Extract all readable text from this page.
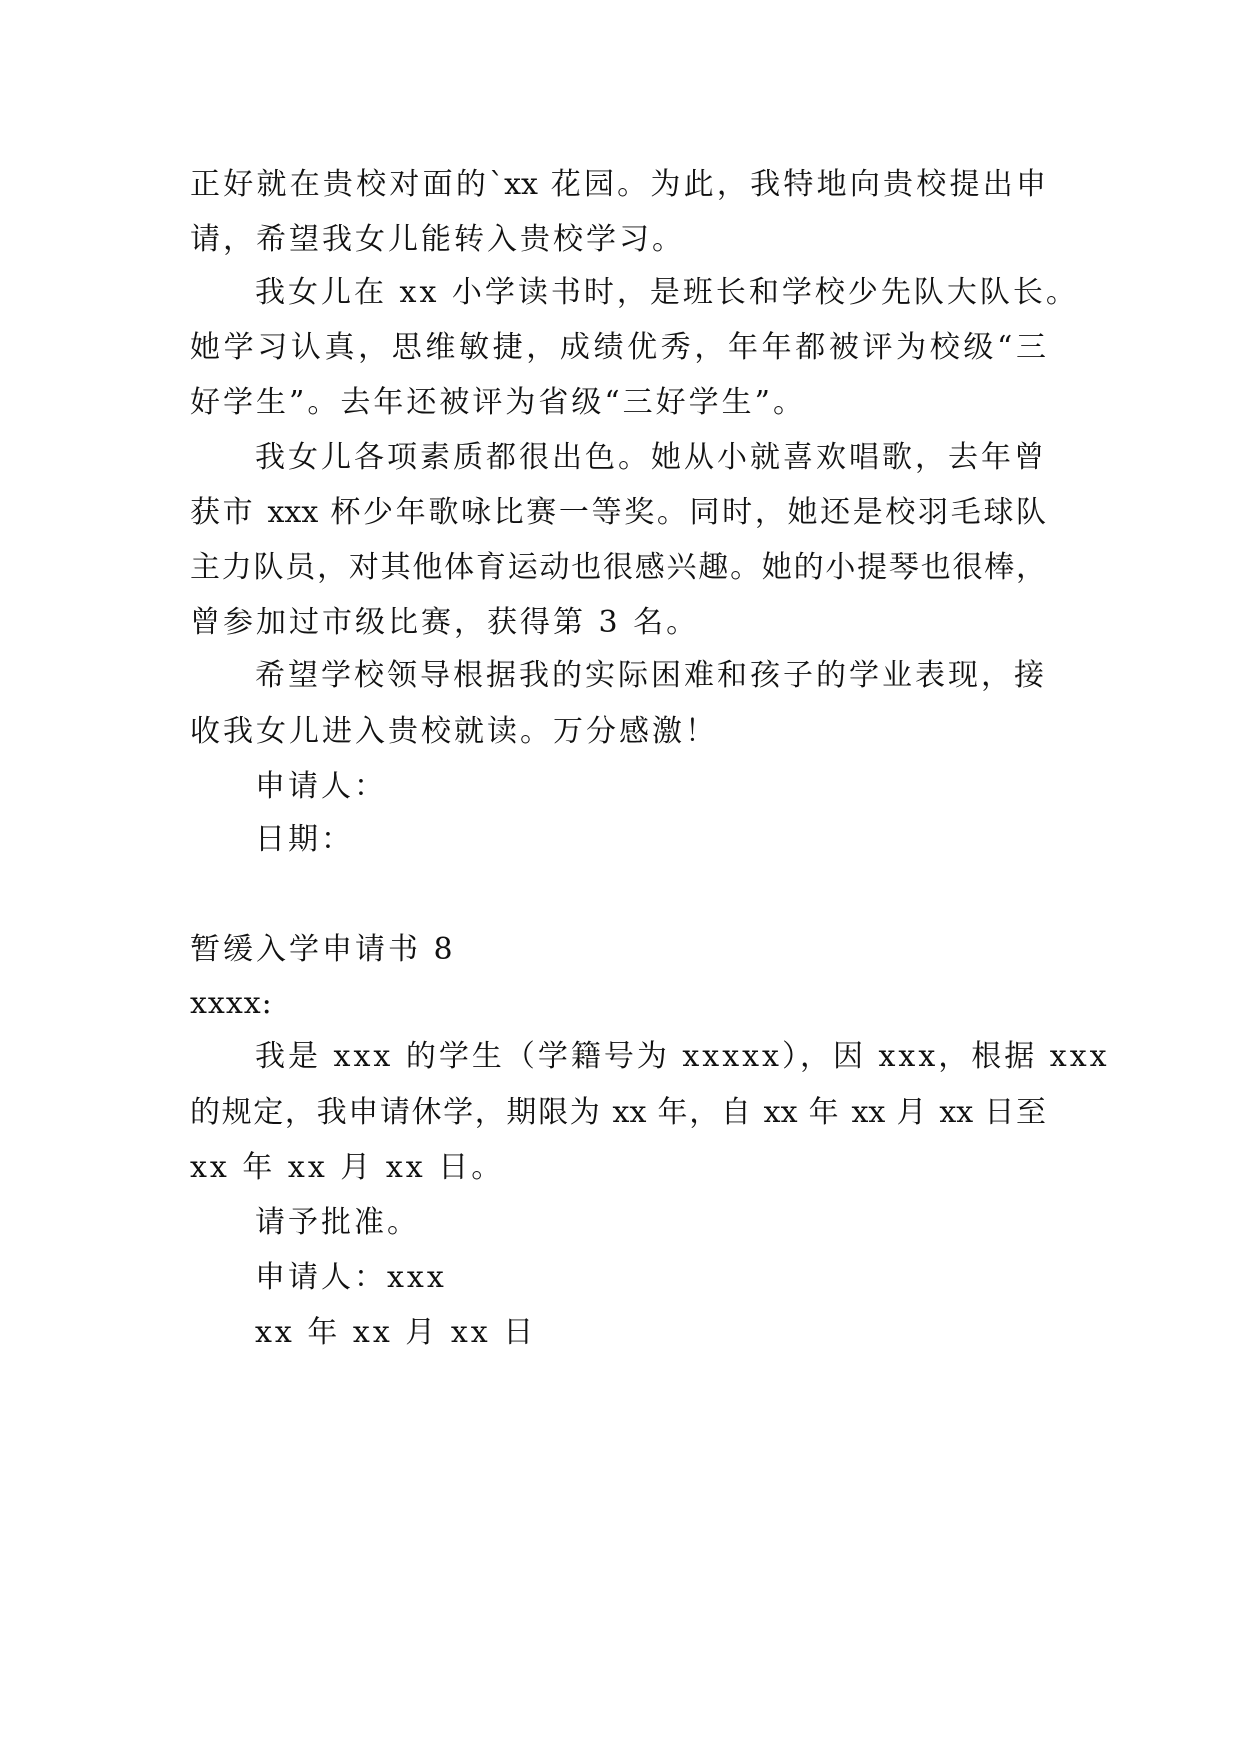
正好就在贵校对面的`xx 花园。为此，我特地向贵校提出申
请，希望我女儿能转入贵校学习。
我女儿在 xx 小学读书时，是班长和学校少先队大队长。
她学习认真，思维敏捷，成绩优秀，年年都被评为校级“三
好学生”。去年还被评为省级“三好学生”。
我女儿各项素质都很出色。她从小就喜欢唱歌，去年曾
获市 xxx 杯少年歌咏比赛一等奖。同时，她还是校羽毛球队
主力队员，对其他体育运动也很感兴趣。她的小提琴也很棒，
曾参加过市级比赛，获得第 3 名。
希望学校领导根据我的实际困难和孩子的学业表现，接
收我女儿进入贵校就读。万分感激！
申请人：
日期：
暂缓入学申请书 8
xxxx:
我是 xxx 的学生（学籍号为 xxxxx），因 xxx，根据 xxx
的规定，我申请休学，期限为 xx 年，自 xx 年 xx 月 xx 日至
xx 年 xx 月 xx 日。
请予批准。
申请人：xxx
xx 年 xx 月 xx 日
